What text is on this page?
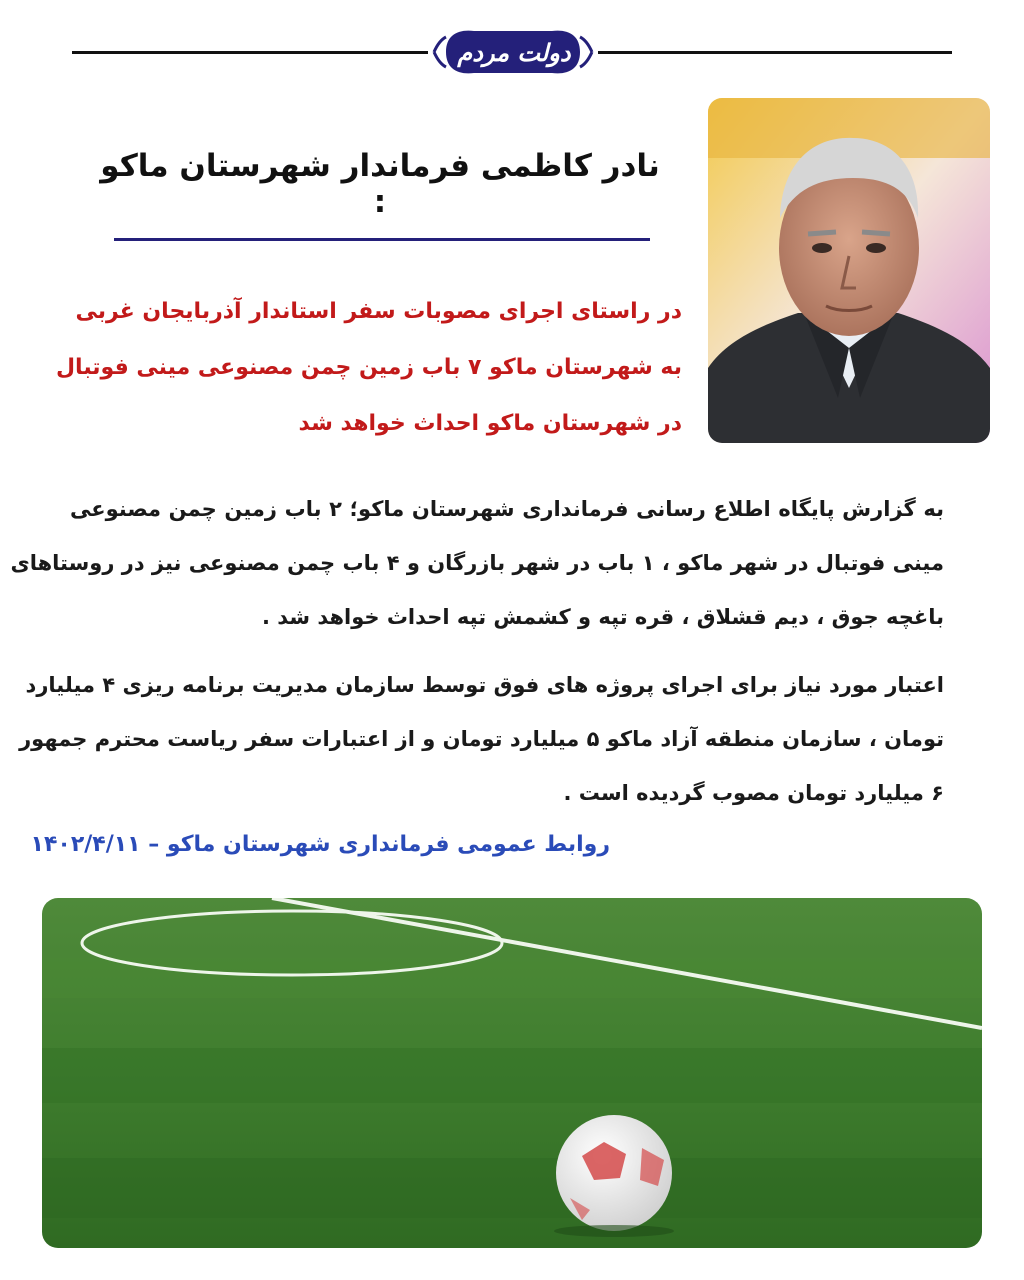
دولت مردم
نادر کاظمی فرماندار شهرستان ماکو :
در راستای اجرای مصوبات سفر استاندار آذربایجان غربی
به شهرستان ماکو ۷ باب زمین چمن مصنوعی مینی فوتبال
در شهرستان ماکو احداث خواهد شد
به گزارش پایگاه اطلاع رسانی فرمانداری شهرستان ماکو؛ ۲ باب زمین چمن مصنوعی
مینی فوتبال در شهر ماکو ، ۱ باب در شهر بازرگان و ۴ باب چمن مصنوعی نیز در روستاهای
باغچه جوق ، دیم قشلاق ، قره تپه و کشمش تپه احداث خواهد شد .
اعتبار مورد نیاز برای اجرای پروژه های فوق توسط سازمان مدیریت برنامه ریزی ۴ میلیارد
تومان ، سازمان منطقه آزاد ماکو ۵ میلیارد تومان و از اعتبارات سفر ریاست محترم جمهور
۶ میلیارد تومان مصوب گردیده است .
روابط عمومی فرمانداری شهرستان ماکو – ۱۴۰۲/۴/۱۱
